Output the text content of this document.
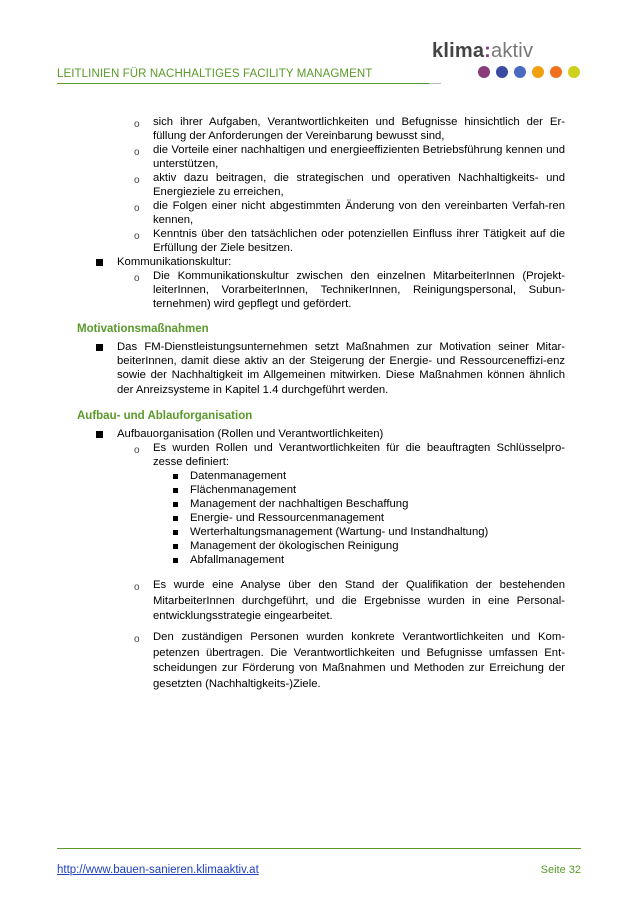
LEITLINIEN FÜR NACHHALTIGES FACILITY MANAGMENT
klima:aktiv
o sich ihrer Aufgaben, Verantwortlichkeiten und Befugnisse hinsichtlich der Er-füllung der Anforderungen der Vereinbarung bewusst sind,
o die Vorteile einer nachhaltigen und energieeffizienten Betriebsführung kennen und unterstützen,
o aktiv dazu beitragen, die strategischen und operativen Nachhaltigkeits- und Energieziele zu erreichen,
o die Folgen einer nicht abgestimmten Änderung von den vereinbarten Verfah-ren kennen,
o Kenntnis über den tatsächlichen oder potenziellen Einfluss ihrer Tätigkeit auf die Erfüllung der Ziele besitzen.
Kommunikationskultur:
o Die Kommunikationskultur zwischen den einzelnen MitarbeiterInnen (Projekt-leiterInnen, VorarbeiterInnen, TechnikerInnen, Reinigungspersonal, Subun-ternehmen) wird gepflegt und gefördert.
Motivationsmaßnahmen
Das FM-Dienstleistungsunternehmen setzt Maßnahmen zur Motivation seiner Mitar-beiterInnen, damit diese aktiv an der Steigerung der Energie- und Ressourceneffizi-enz sowie der Nachhaltigkeit im Allgemeinen mitwirken. Diese Maßnahmen können ähnlich der Anreizsysteme in Kapitel 1.4 durchgeführt werden.
Aufbau- und Ablauforganisation
Aufbauorganisation (Rollen und Verantwortlichkeiten)
o Es wurden Rollen und Verantwortlichkeiten für die beauftragten Schlüsselpro-zesse definiert:
Datenmanagement
Flächenmanagement
Management der nachhaltigen Beschaffung
Energie- und Ressourcenmanagement
Werterhaltungsmanagement (Wartung- und Instandhaltung)
Management der ökologischen Reinigung
Abfallmanagement
o Es wurde eine Analyse über den Stand der Qualifikation der bestehenden MitarbeiterInnen durchgeführt, und die Ergebnisse wurden in eine Personal-entwicklungsstrategie eingearbeitet.
o Den zuständigen Personen wurden konkrete Verantwortlichkeiten und Kom-petenzen übertragen. Die Verantwortlichkeiten und Befugnisse umfassen Ent-scheidungen zur Förderung von Maßnahmen und Methoden zur Erreichung der gesetzten (Nachhaltigkeits-)Ziele.
http://www.bauen-sanieren.klimaaktiv.at	Seite 32
